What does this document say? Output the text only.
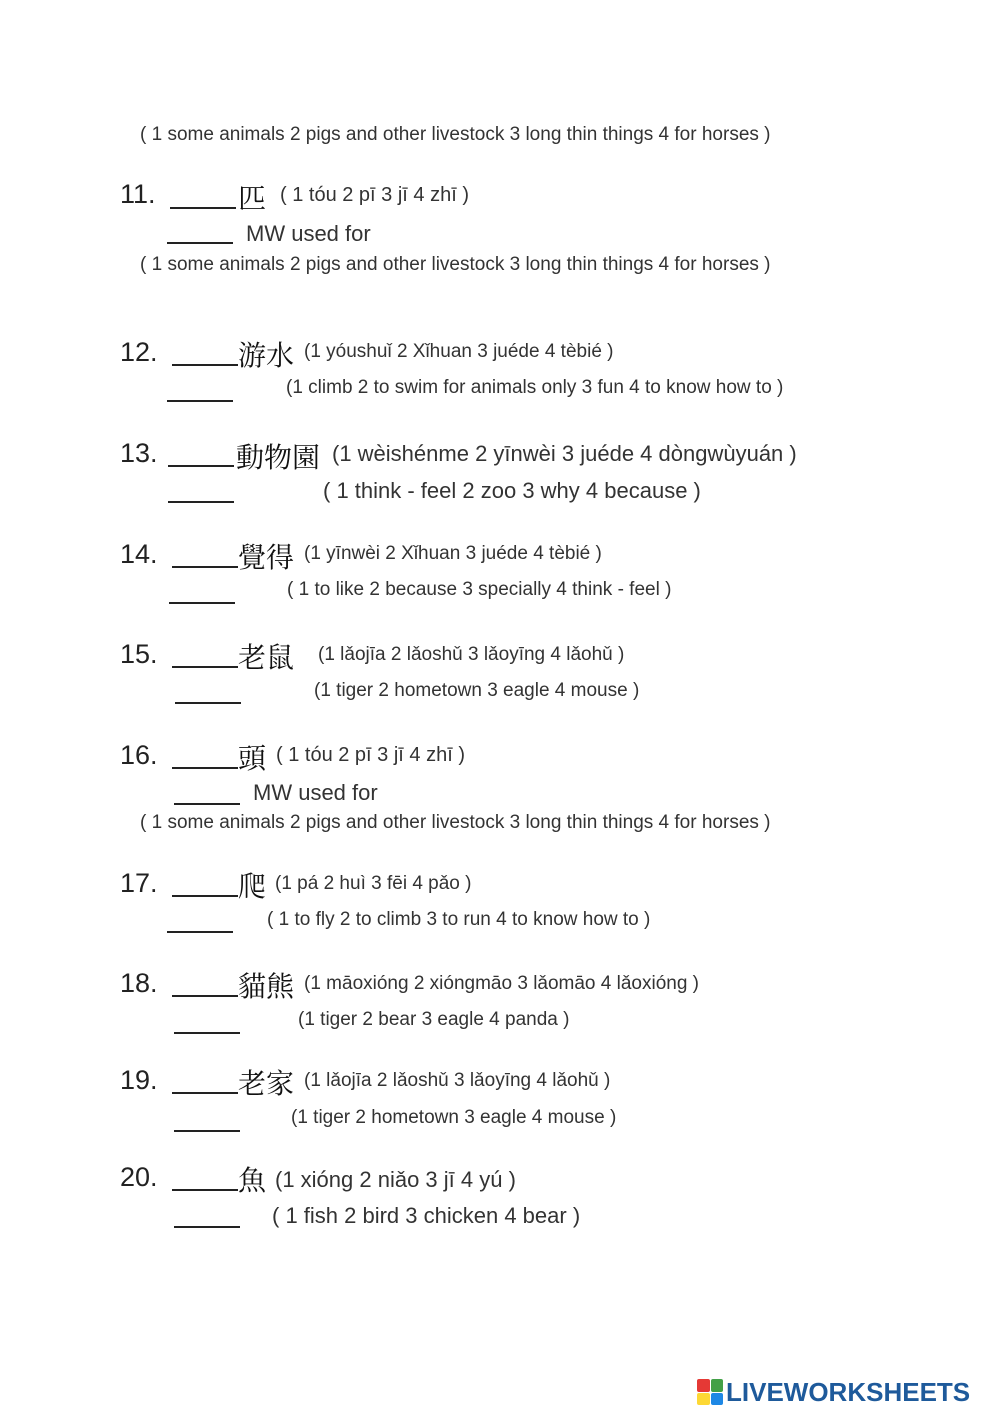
( 1 some animals 2 pigs and other livestock 3 long thin things 4 for horses )
11.	匹 ( 1 tóu 2 pī 3 jī 4 zhī )
MW used for
( 1 some animals 2 pigs and other livestock 3 long thin things 4 for horses )
12.	游水 (1 yóushuǐ 2 Xǐhuan 3 juéde 4 tèbié )
(1 climb 2 to swim for animals only 3 fun 4 to know how to )
13.	動物園 (1 wèishénme 2 yīnwèi 3 juéde 4 dòngwùyuán )
( 1 think - feel 2 zoo 3 why 4 because )
14.	覺得 (1 yīnwèi 2 Xǐhuan 3 juéde 4 tèbié )
( 1 to like 2 because 3 specially 4 think - feel )
15.	老鼠 (1 lǎojīa 2 lǎoshǔ 3 lǎoyīng 4 lǎohǔ )
(1 tiger 2 hometown 3 eagle 4 mouse )
16.	頭 ( 1 tóu 2 pī 3 jī 4 zhī )
MW used for
( 1 some animals 2 pigs and other livestock 3 long thin things 4 for horses )
17.	爬 (1 pá 2 huì 3 fēi 4 pǎo )
( 1 to fly 2 to climb 3 to run 4 to know how to )
18.	貓熊 (1 māoxióng 2 xióngmāo 3 lǎomāo 4 lǎoxióng )
(1 tiger 2 bear 3 eagle 4 panda )
19.	老家 (1 lǎojīa 2 lǎoshǔ 3 lǎoyīng 4 lǎohǔ )
(1 tiger 2 hometown 3 eagle 4 mouse )
20.	魚 (1 xióng 2 niǎo 3 jī 4 yú )
( 1 fish 2 bird 3 chicken 4 bear )
LIVEWORKSHEETS
